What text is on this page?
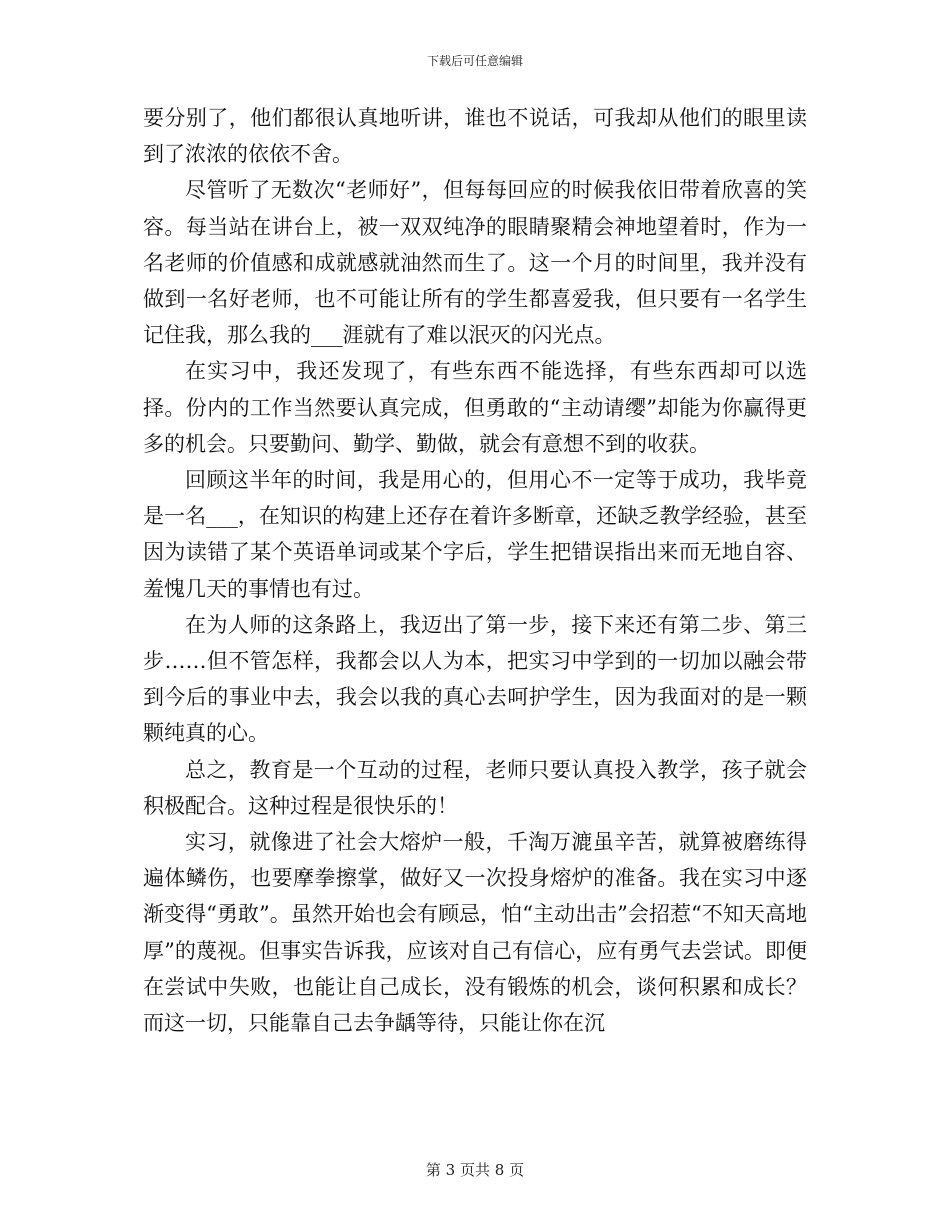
下载后可任意编辑

要分别了，他们都很认真地听讲，谁也不说话，可我却从他们的眼里读到了浓浓的依依不舍。

尽管听了无数次“老师好”，但每每回应的时候我依旧带着欣喜的笑容。每当站在讲台上，被一双双纯净的眼睛聚精会神地望着时，作为一名老师的价值感和成就感就油然而生了。这一个月的时间里，我并没有做到一名好老师，也不可能让所有的学生都喜爱我，但只要有一名学生记住我，那么我的___涯就有了难以泯灭的闪光点。

在实习中，我还发现了，有些东西不能选择，有些东西却可以选择。份内的工作当然要认真完成，但勇敢的“主动请缨”却能为你赢得更多的机会。只要勤问、勤学、勤做，就会有意想不到的收获。

回顾这半年的时间，我是用心的，但用心不一定等于成功，我毕竟是一名___，在知识的构建上还存在着许多断章，还缺乏教学经验，甚至因为读错了某个英语单词或某个字后，学生把错误指出来而无地自容、羞愧几天的事情也有过。

在为人师的这条路上，我迈出了第一步，接下来还有第二步、第三步……但不管怎样，我都会以人为本，把实习中学到的一切加以融会带到今后的事业中去，我会以我的真心去呵护学生，因为我面对的是一颗颗纯真的心。

总之，教育是一个互动的过程，老师只要认真投入教学，孩子就会积极配合。这种过程是很快乐的！

实习，就像进了社会大熔炉一般，千淘万漉虽辛苦，就算被磨练得遍体鳞伤，也要摩拳擦掌，做好又一次投身熔炉的准备。我在实习中逐渐变得“勇敢”。虽然开始也会有顾忌，怕“主动出击”会招惹“不知天高地厚”的蔑视。但事实告诉我，应该对自己有信心，应有勇气去尝试。即便在尝试中失败，也能让自己成长，没有锻炼的机会，谈何积累和成长？而这一切，只能靠自己去争龋等待，只能让你在沉

第 3 页共 8 页
